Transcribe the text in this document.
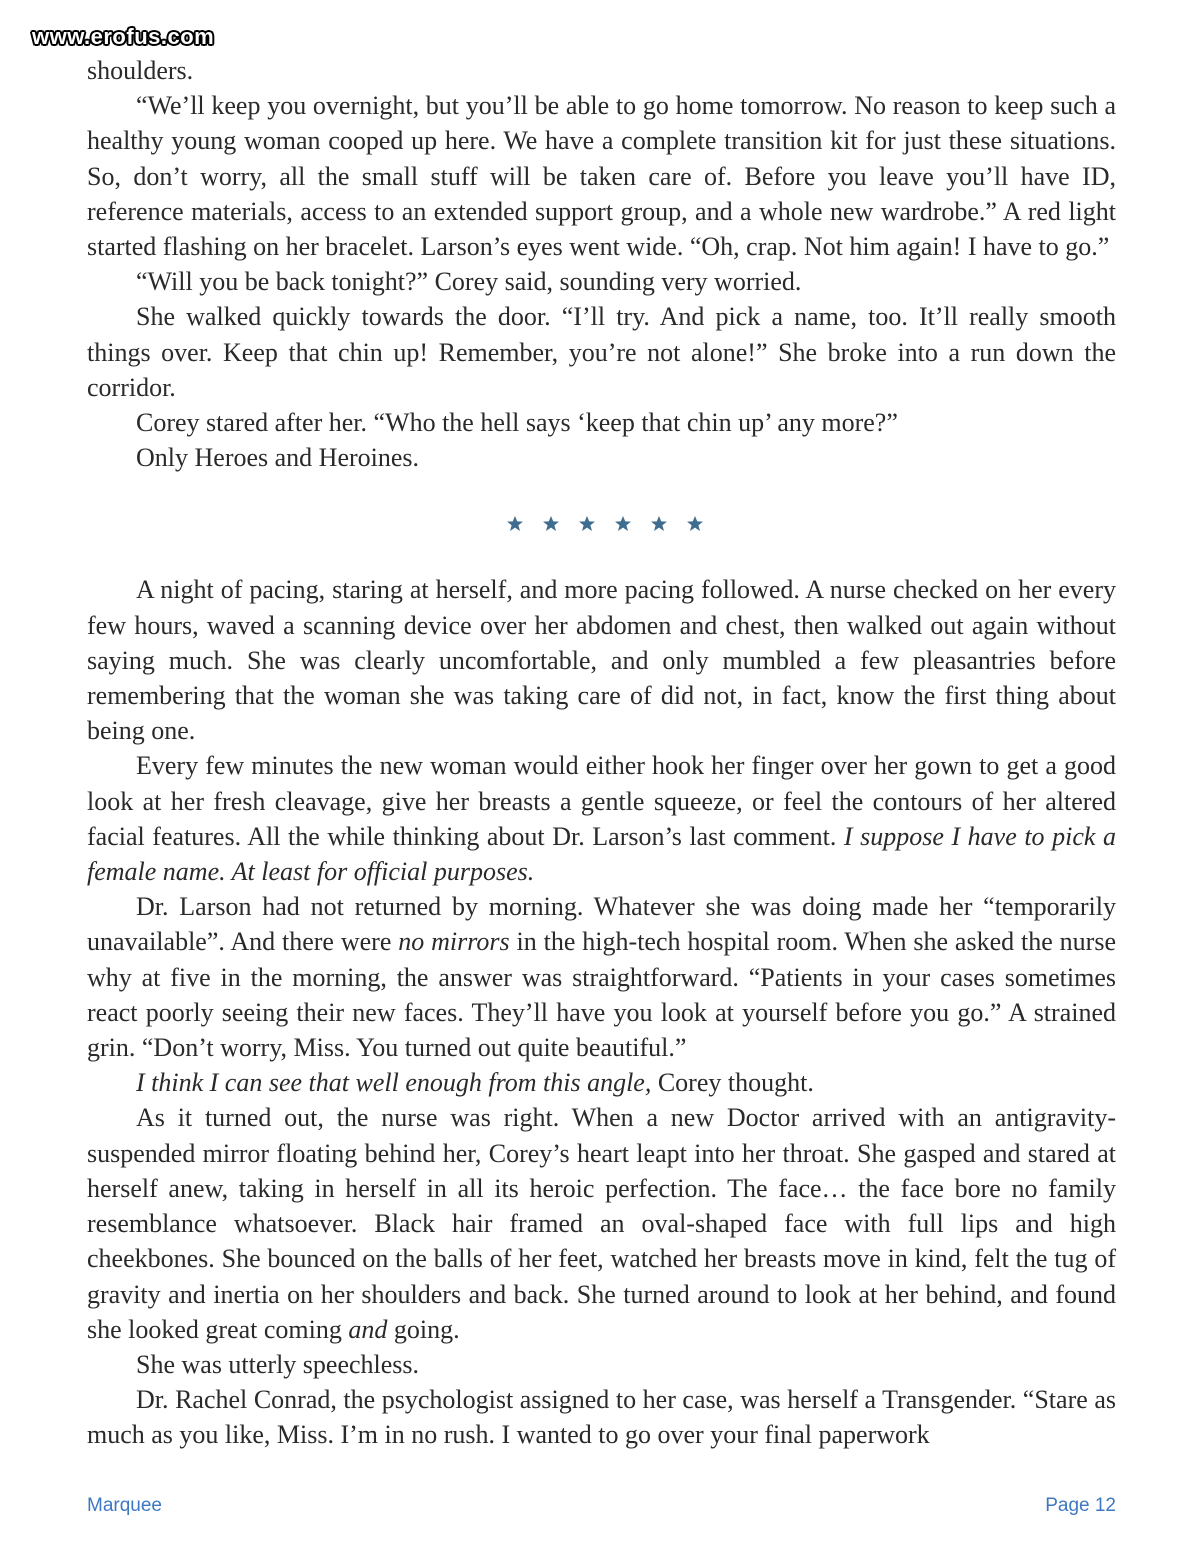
www.erofus.com

shoulders.

“We’ll keep you overnight, but you’ll be able to go home tomorrow. No reason to keep such a healthy young woman cooped up here. We have a complete transition kit for just these situations. So, don’t worry, all the small stuff will be taken care of. Before you leave you’ll have ID, reference materials, access to an extended support group, and a whole new wardrobe.” A red light started flashing on her bracelet. Larson’s eyes went wide. “Oh, crap. Not him again! I have to go.”

“Will you be back tonight?” Corey said, sounding very worried.

She walked quickly towards the door. “I’ll try. And pick a name, too. It’ll really smooth things over. Keep that chin up! Remember, you’re not alone!” She broke into a run down the corridor.

Corey stared after her. “Who the hell says ‘keep that chin up’ any more?”

Only Heroes and Heroines.

A night of pacing, staring at herself, and more pacing followed. A nurse checked on her every few hours, waved a scanning device over her abdomen and chest, then walked out again without saying much. She was clearly uncomfortable, and only mumbled a few pleasantries before remembering that the woman she was taking care of did not, in fact, know the first thing about being one.

Every few minutes the new woman would either hook her finger over her gown to get a good look at her fresh cleavage, give her breasts a gentle squeeze, or feel the contours of her altered facial features. All the while thinking about Dr. Larson’s last comment. I suppose I have to pick a female name. At least for official purposes.

Dr. Larson had not returned by morning. Whatever she was doing made her “temporarily unavailable”. And there were no mirrors in the high-tech hospital room. When she asked the nurse why at five in the morning, the answer was straightforward. “Patients in your cases sometimes react poorly seeing their new faces. They’ll have you look at yourself before you go.” A strained grin. “Don’t worry, Miss. You turned out quite beautiful.”

I think I can see that well enough from this angle, Corey thought.

As it turned out, the nurse was right. When a new Doctor arrived with an antigravity-suspended mirror floating behind her, Corey’s heart leapt into her throat. She gasped and stared at herself anew, taking in herself in all its heroic perfection. The face… the face bore no family resemblance whatsoever. Black hair framed an oval-shaped face with full lips and high cheekbones. She bounced on the balls of her feet, watched her breasts move in kind, felt the tug of gravity and inertia on her shoulders and back. She turned around to look at her behind, and found she looked great coming and going.

She was utterly speechless.

Dr. Rachel Conrad, the psychologist assigned to her case, was herself a Transgender. “Stare as much as you like, Miss. I’m in no rush. I wanted to go over your final paperwork

Marquee	Page 12
